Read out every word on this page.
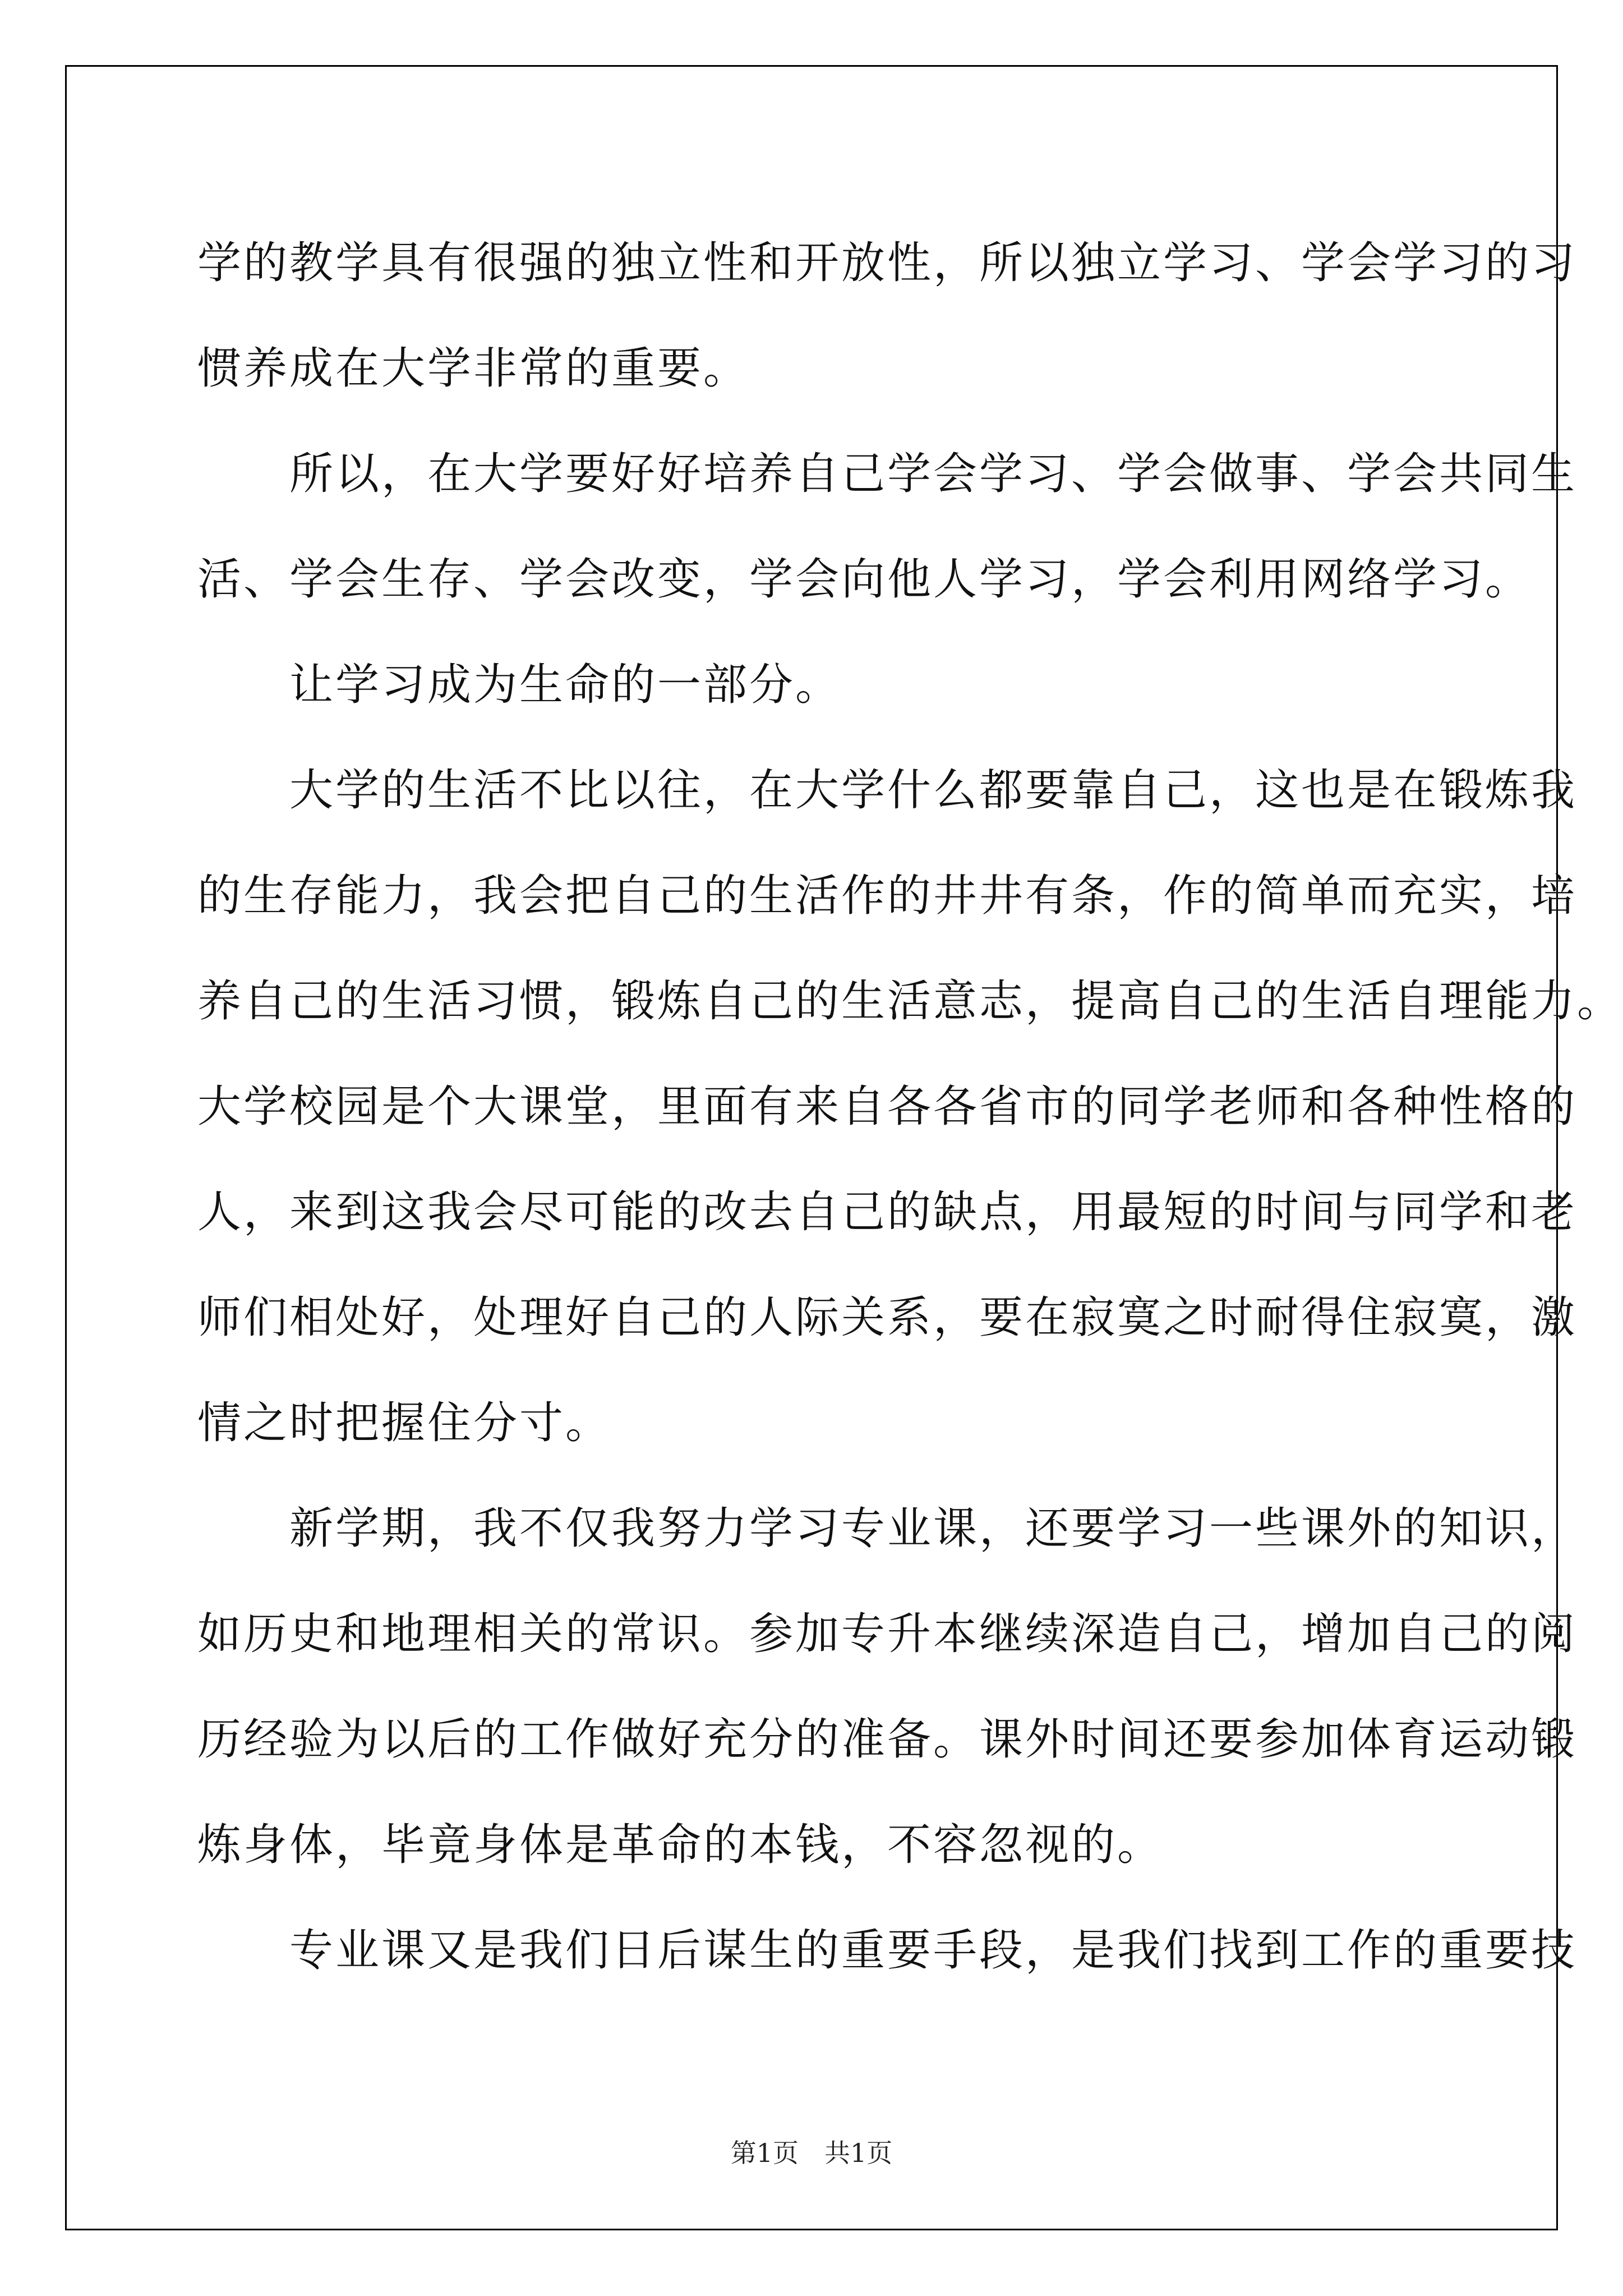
学的教学具有很强的独立性和开放性，所以独立学习、学会学习的习

惯养成在大学非常的重要。

　　所以，在大学要好好培养自己学会学习、学会做事、学会共同生

活、学会生存、学会改变，学会向他人学习，学会利用网络学习。

　　让学习成为生命的一部分。

　　大学的生活不比以往，在大学什么都要靠自己，这也是在锻炼我

的生存能力，我会把自己的生活作的井井有条，作的简单而充实，培

养自己的生活习惯，锻炼自己的生活意志，提高自己的生活自理能力。

大学校园是个大课堂，里面有来自各各省市的同学老师和各种性格的

人，来到这我会尽可能的改去自己的缺点，用最短的时间与同学和老

师们相处好，处理好自己的人际关系，要在寂寞之时耐得住寂寞，激

情之时把握住分寸。

　　新学期，我不仅我努力学习专业课，还要学习一些课外的知识，

如历史和地理相关的常识。参加专升本继续深造自己，增加自己的阅

历经验为以后的工作做好充分的准备。课外时间还要参加体育运动锻

炼身体，毕竟身体是革命的本钱，不容忽视的。

　　专业课又是我们日后谋生的重要手段，是我们找到工作的重要技

第1页　共1页
